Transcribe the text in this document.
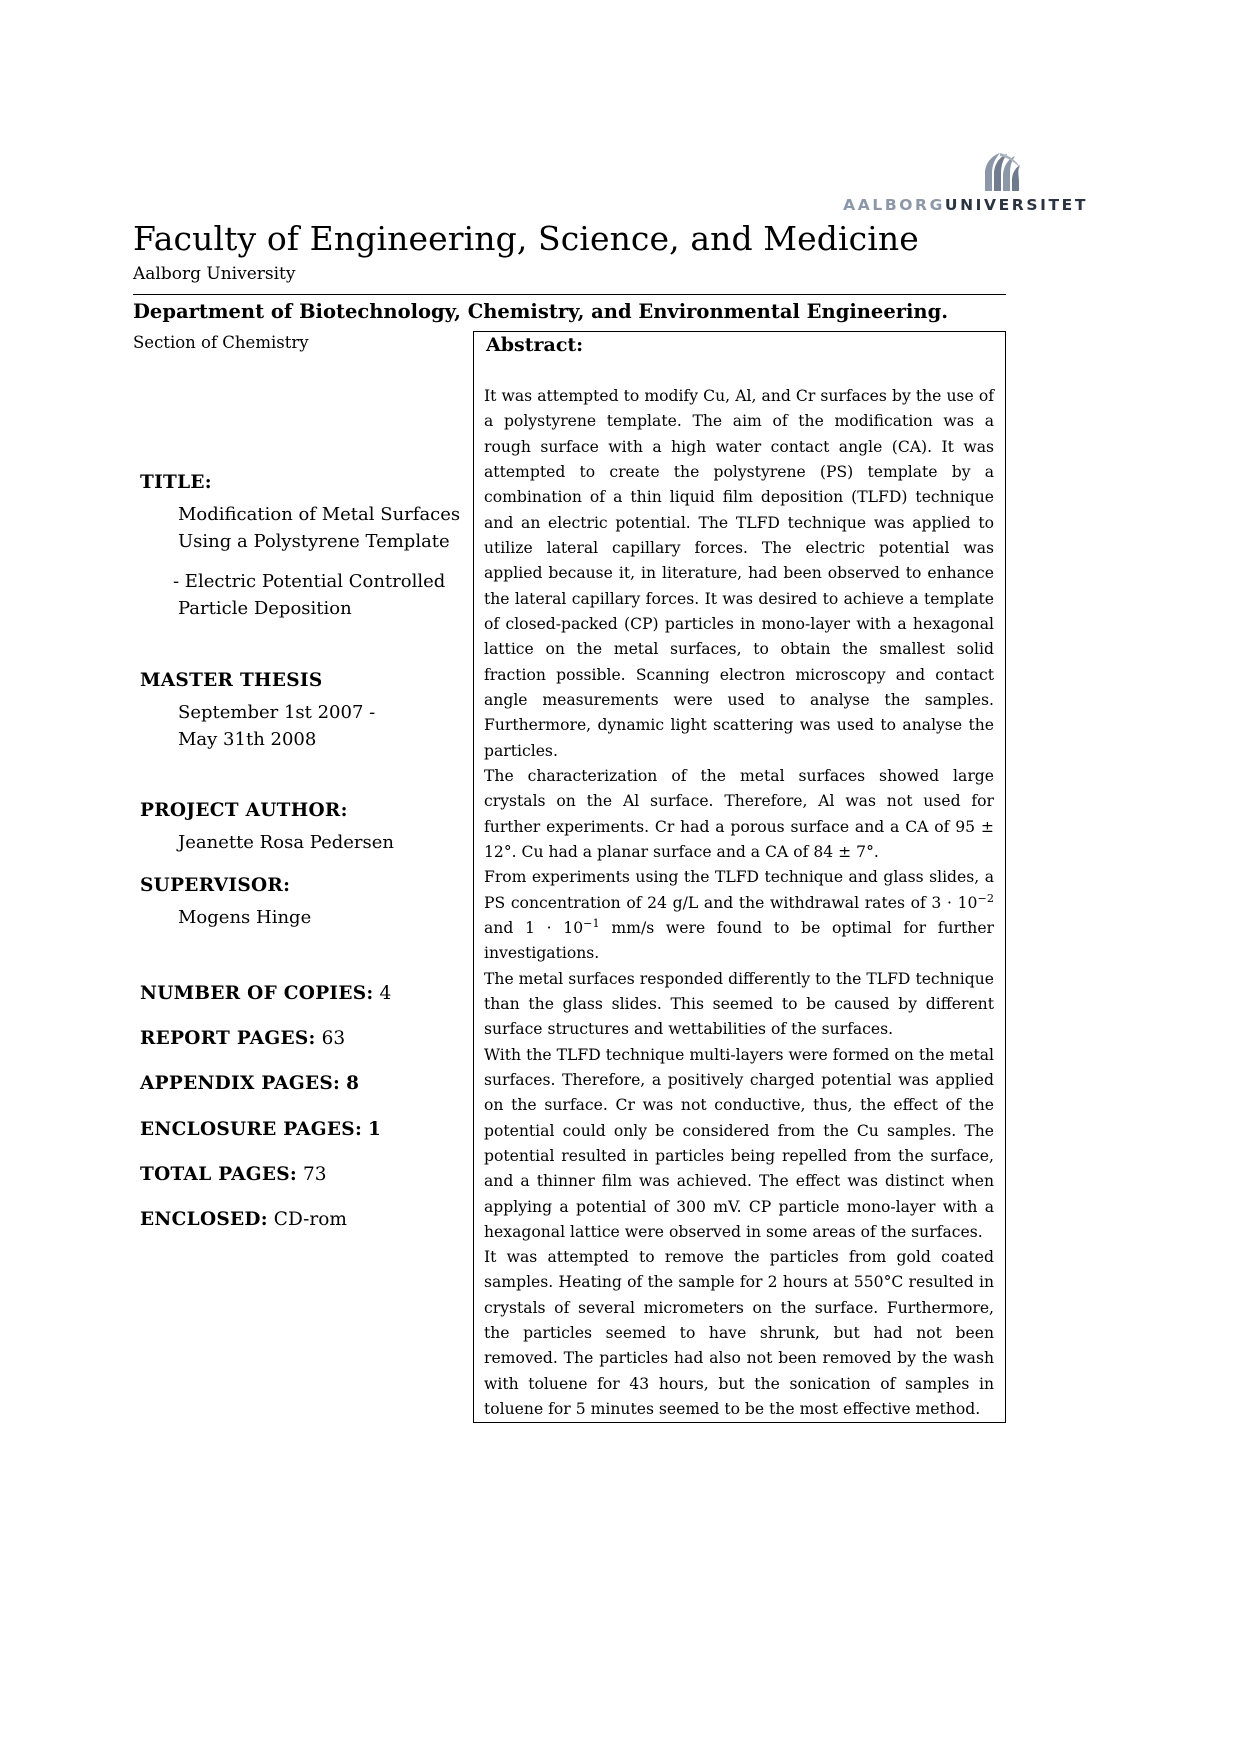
AALBORGUNIVERSITET
Faculty of Engineering, Science, and Medicine
Aalborg University
Department of Biotechnology, Chemistry, and Environmental Engineering.
Section of Chemistry
TITLE:
Modification of Metal Surfaces
Using a Polystyrene Template
- Electric Potential Controlled
Particle Deposition
MASTER THESIS
September 1st 2007 -
May 31th 2008
PROJECT AUTHOR:
Jeanette Rosa Pedersen
SUPERVISOR:
Mogens Hinge
NUMBER OF COPIES: 4
REPORT PAGES: 63
APPENDIX PAGES: 8
ENCLOSURE PAGES: 1
TOTAL PAGES: 73
ENCLOSED: CD-rom
Abstract:

It was attempted to modify Cu, Al, and Cr surfaces by the use of a polystyrene template. The aim of the modification was a rough surface with a high water contact angle (CA). It was attempted to create the polystyrene (PS) template by a combination of a thin liquid film deposition (TLFD) technique and an electric potential. The TLFD technique was applied to utilize lateral capillary forces. The electric potential was applied because it, in literature, had been observed to enhance the lateral capillary forces. It was desired to achieve a template of closed-packed (CP) particles in mono-layer with a hexagonal lattice on the metal surfaces, to obtain the smallest solid fraction possible. Scanning electron microscopy and contact angle measurements were used to analyse the samples. Furthermore, dynamic light scattering was used to analyse the particles.

The characterization of the metal surfaces showed large crystals on the Al surface. Therefore, Al was not used for further experiments. Cr had a porous surface and a CA of 95 ± 12°. Cu had a planar surface and a CA of 84 ± 7°.

From experiments using the TLFD technique and glass slides, a PS concentration of 24 g/L and the withdrawal rates of $3 \cdot 10^{-2}$ and $1 \cdot 10^{-1}$ mm/s were found to be optimal for further investigations.

The metal surfaces responded differently to the TLFD technique than the glass slides. This seemed to be caused by different surface structures and wettabilities of the surfaces.

With the TLFD technique multi-layers were formed on the metal surfaces. Therefore, a positively charged potential was applied on the surface. Cr was not conductive, thus, the effect of the potential could only be considered from the Cu samples. The potential resulted in particles being repelled from the surface, and a thinner film was achieved. The effect was distinct when applying a potential of 300 mV. CP particle mono-layer with a hexagonal lattice were observed in some areas of the surfaces.

It was attempted to remove the particles from gold coated samples. Heating of the sample for 2 hours at 550°C resulted in crystals of several micrometers on the surface. Furthermore, the particles seemed to have shrunk, but had not been removed. The particles had also not been removed by the wash with toluene for 43 hours, but the sonication of samples in toluene for 5 minutes seemed to be the most effective method.
